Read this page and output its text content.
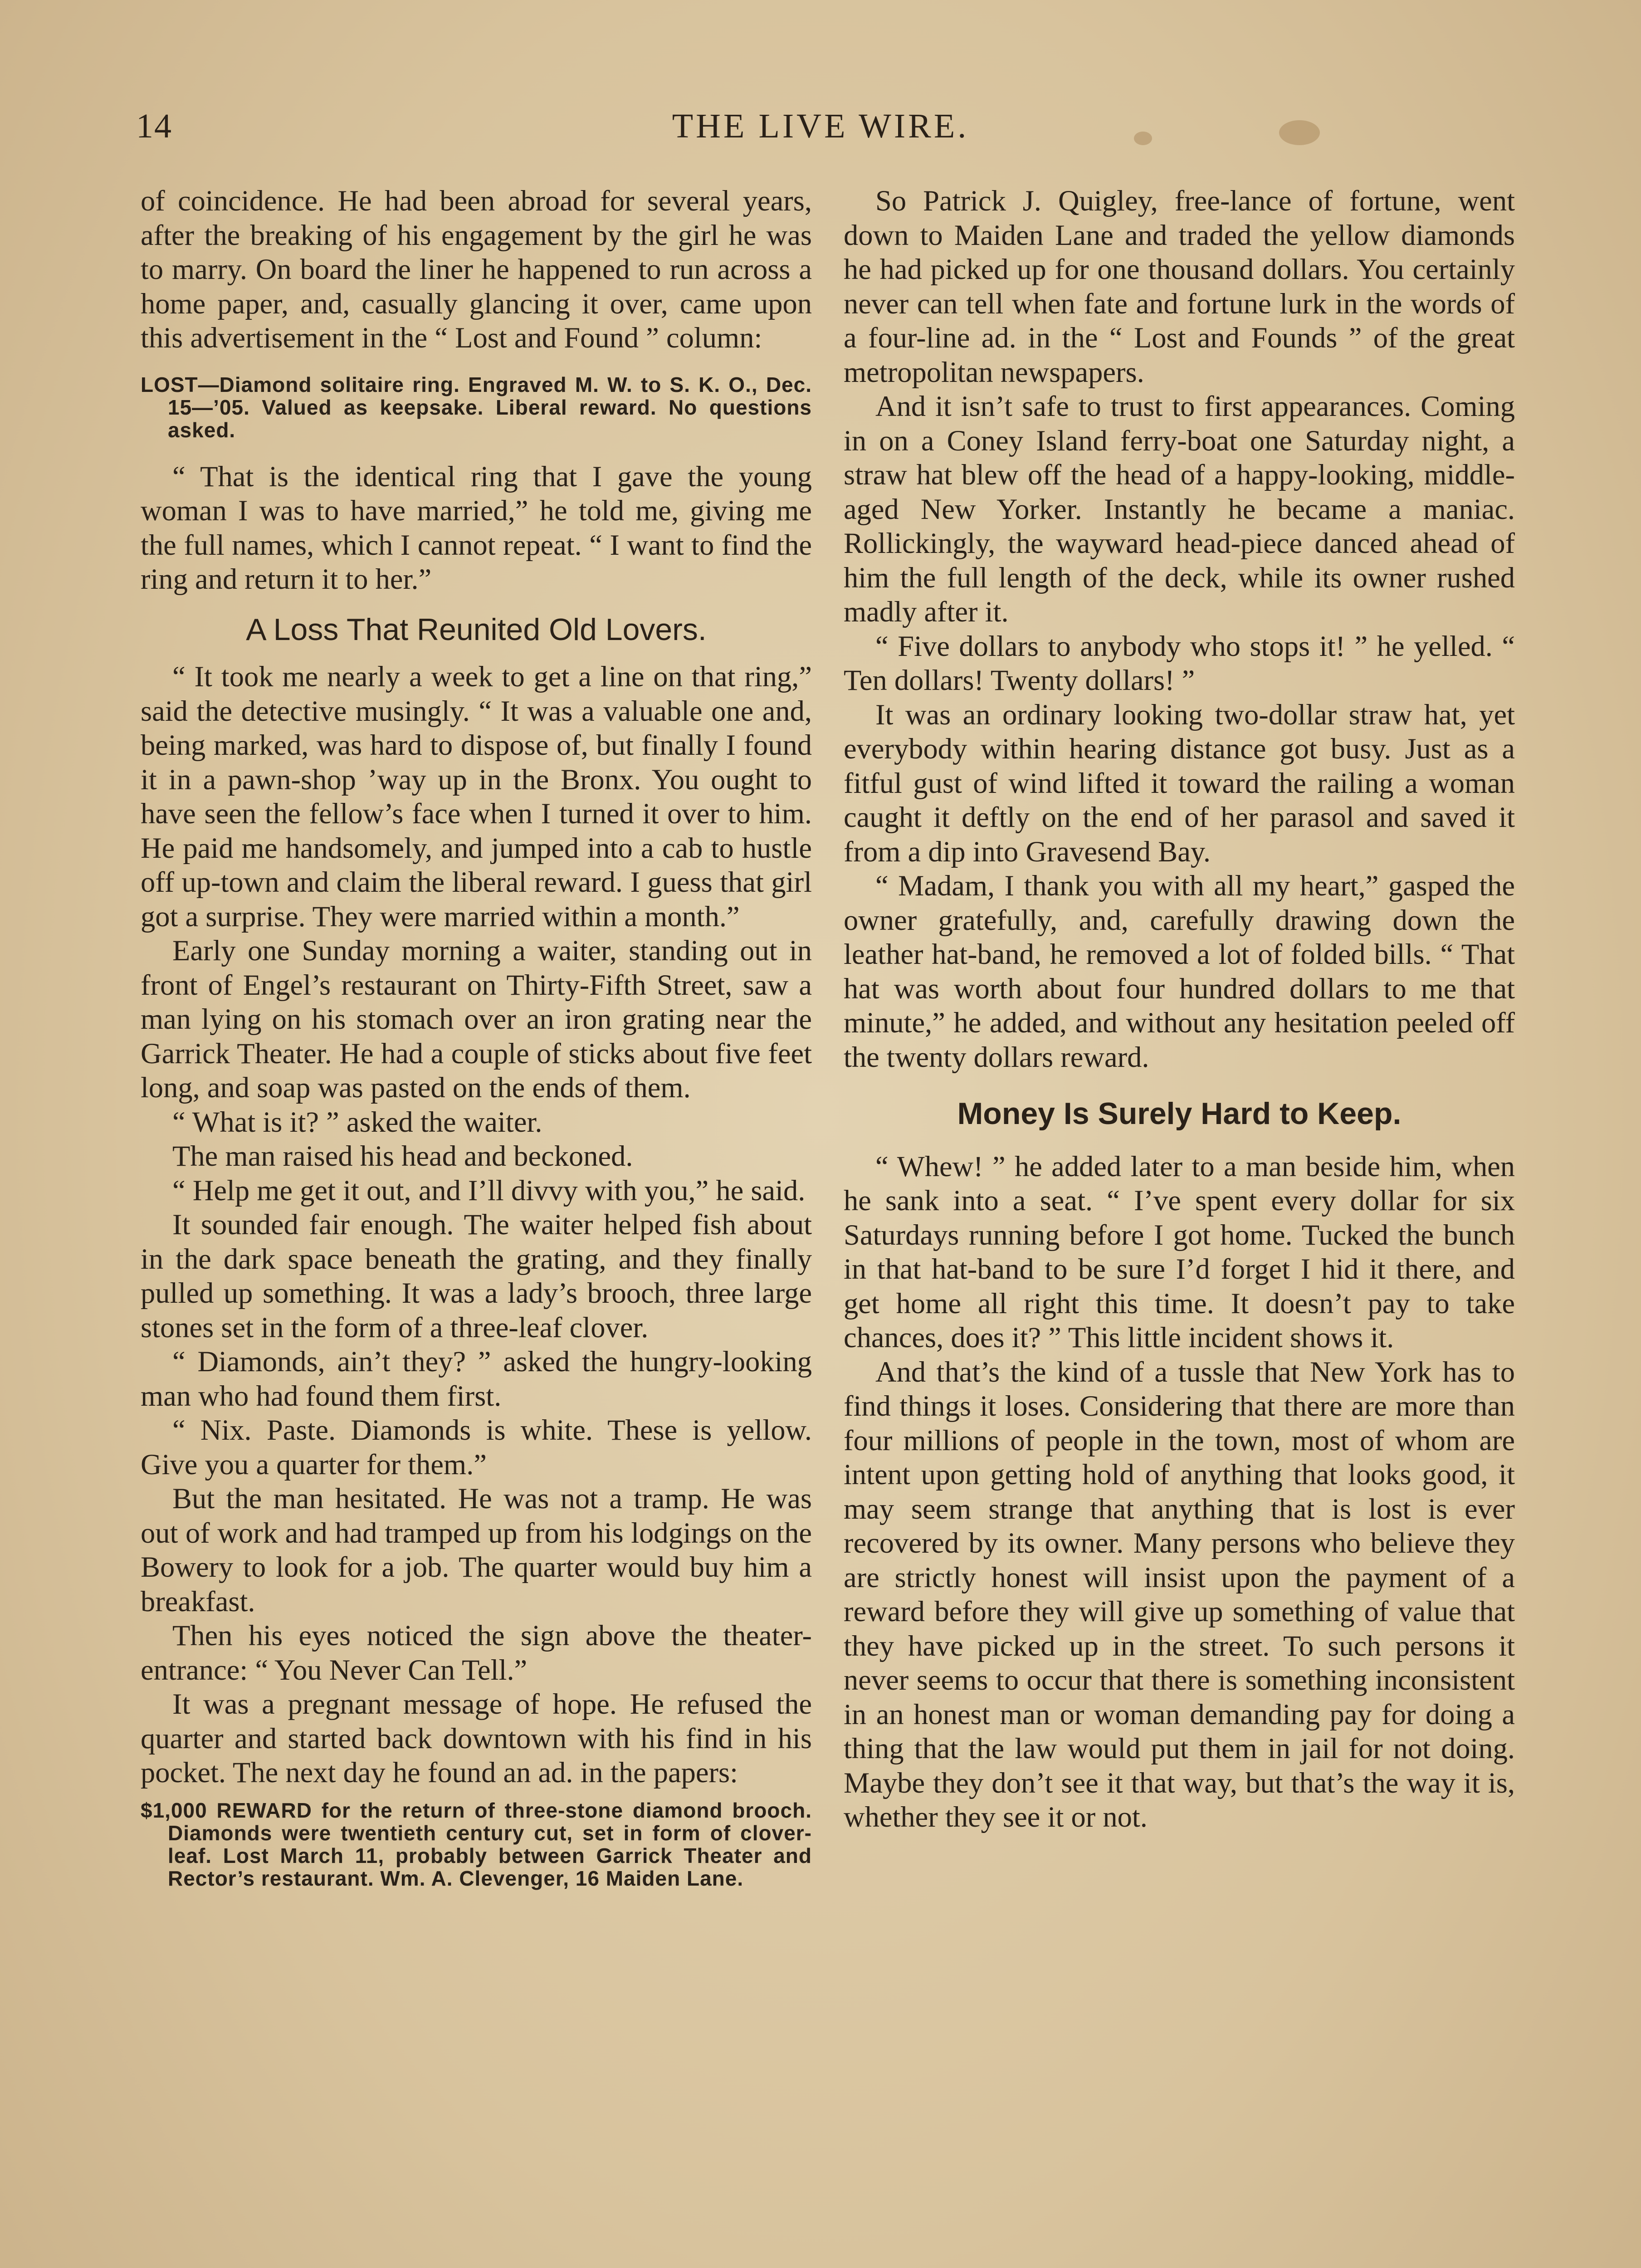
14	THE LIVE WIRE.

of coincidence. He had been abroad for several years, after the breaking of his engagement by the girl he was to marry. On board the liner he happened to run across a home paper, and, casually glancing it over, came upon this advertisement in the “ Lost and Found ” column:

LOST—Diamond solitaire ring. Engraved M. W. to S. K. O., Dec. 15—’05. Valued as keepsake. Liberal reward. No questions asked.

“ That is the identical ring that I gave the young woman I was to have married,” he told me, giving me the full names, which I cannot repeat. “ I want to find the ring and return it to her.”

A Loss That Reunited Old Lovers.

“ It took me nearly a week to get a line on that ring,” said the detective musingly. “ It was a valuable one and, being marked, was hard to dispose of, but finally I found it in a pawn-shop ’way up in the Bronx. You ought to have seen the fellow’s face when I turned it over to him. He paid me handsomely, and jumped into a cab to hustle off up-town and claim the liberal reward. I guess that girl got a surprise. They were married within a month.”

Early one Sunday morning a waiter, standing out in front of Engel’s restaurant on Thirty-Fifth Street, saw a man lying on his stomach over an iron grating near the Garrick Theater. He had a couple of sticks about five feet long, and soap was pasted on the ends of them.

“ What is it? ” asked the waiter.

The man raised his head and beckoned.

“ Help me get it out, and I’ll divvy with you,” he said.

It sounded fair enough. The waiter helped fish about in the dark space beneath the grating, and they finally pulled up something. It was a lady’s brooch, three large stones set in the form of a three-leaf clover.

“ Diamonds, ain’t they? ” asked the hungry-looking man who had found them first.

“ Nix. Paste. Diamonds is white. These is yellow. Give you a quarter for them.”

But the man hesitated. He was not a tramp. He was out of work and had tramped up from his lodgings on the Bowery to look for a job. The quarter would buy him a breakfast.

Then his eyes noticed the sign above the theater-entrance: “ You Never Can Tell.”

It was a pregnant message of hope. He refused the quarter and started back downtown with his find in his pocket. The next day he found an ad. in the papers:

$1,000 REWARD for the return of three-stone diamond brooch. Diamonds were twentieth century cut, set in form of clover-leaf. Lost March 11, probably between Garrick Theater and Rector’s restaurant. Wm. A. Clevenger, 16 Maiden Lane.

So Patrick J. Quigley, free-lance of fortune, went down to Maiden Lane and traded the yellow diamonds he had picked up for one thousand dollars. You certainly never can tell when fate and fortune lurk in the words of a four-line ad. in the “ Lost and Founds ” of the great metropolitan newspapers.

And it isn’t safe to trust to first appearances. Coming in on a Coney Island ferry-boat one Saturday night, a straw hat blew off the head of a happy-looking, middle-aged New Yorker. Instantly he became a maniac. Rollickingly, the wayward head-piece danced ahead of him the full length of the deck, while its owner rushed madly after it.

“ Five dollars to anybody who stops it! ” he yelled. “ Ten dollars! Twenty dollars! ”

It was an ordinary looking two-dollar straw hat, yet everybody within hearing distance got busy. Just as a fitful gust of wind lifted it toward the railing a woman caught it deftly on the end of her parasol and saved it from a dip into Gravesend Bay.

“ Madam, I thank you with all my heart,” gasped the owner gratefully, and, carefully drawing down the leather hat-band, he removed a lot of folded bills. “ That hat was worth about four hundred dollars to me that minute,” he added, and without any hesitation peeled off the twenty dollars reward.

Money Is Surely Hard to Keep.

“ Whew! ” he added later to a man beside him, when he sank into a seat. “ I’ve spent every dollar for six Saturdays running before I got home. Tucked the bunch in that hat-band to be sure I’d forget I hid it there, and get home all right this time. It doesn’t pay to take chances, does it? ” This little incident shows it.

And that’s the kind of a tussle that New York has to find things it loses. Considering that there are more than four millions of people in the town, most of whom are intent upon getting hold of anything that looks good, it may seem strange that anything that is lost is ever recovered by its owner. Many persons who believe they are strictly honest will insist upon the payment of a reward before they will give up something of value that they have picked up in the street. To such persons it never seems to occur that there is something inconsistent in an honest man or woman demanding pay for doing a thing that the law would put them in jail for not doing. Maybe they don’t see it that way, but that’s the way it is, whether they see it or not.
